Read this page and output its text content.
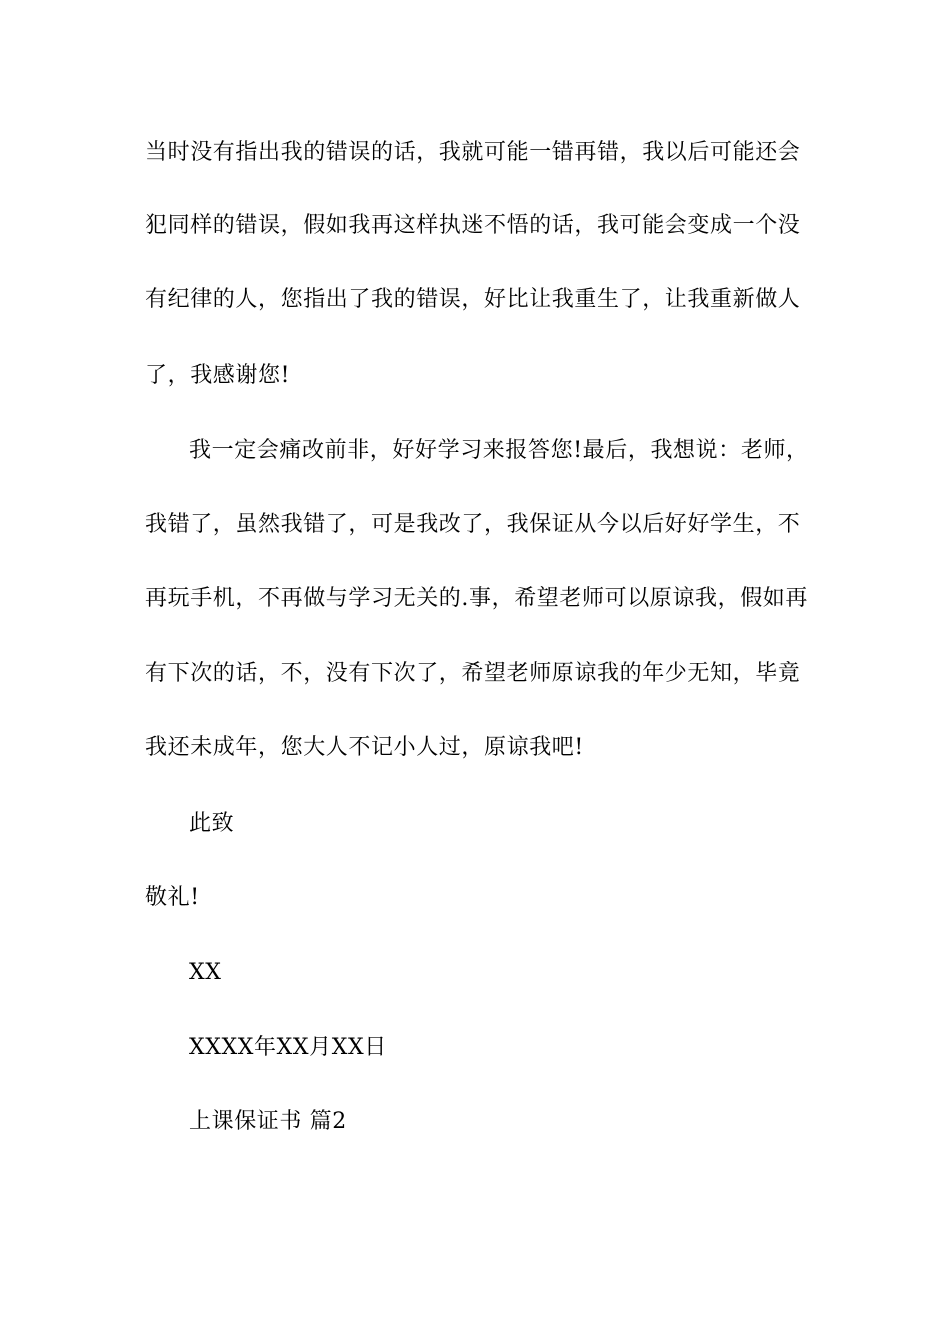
当时没有指出我的错误的话，我就可能一错再错，我以后可能还会
犯同样的错误，假如我再这样执迷不悟的话，我可能会变成一个没
有纪律的人，您指出了我的错误，好比让我重生了，让我重新做人
了，我感谢您!
我一定会痛改前非，好好学习来报答您!最后，我想说：老师，
我错了，虽然我错了，可是我改了，我保证从今以后好好学生，不
再玩手机，不再做与学习无关的.事，希望老师可以原谅我，假如再
有下次的话，不，没有下次了，希望老师原谅我的年少无知，毕竟
我还未成年，您大人不记小人过，原谅我吧!
此致
敬礼!
XX
XXXX年XX月XX日
上课保证书 篇2
